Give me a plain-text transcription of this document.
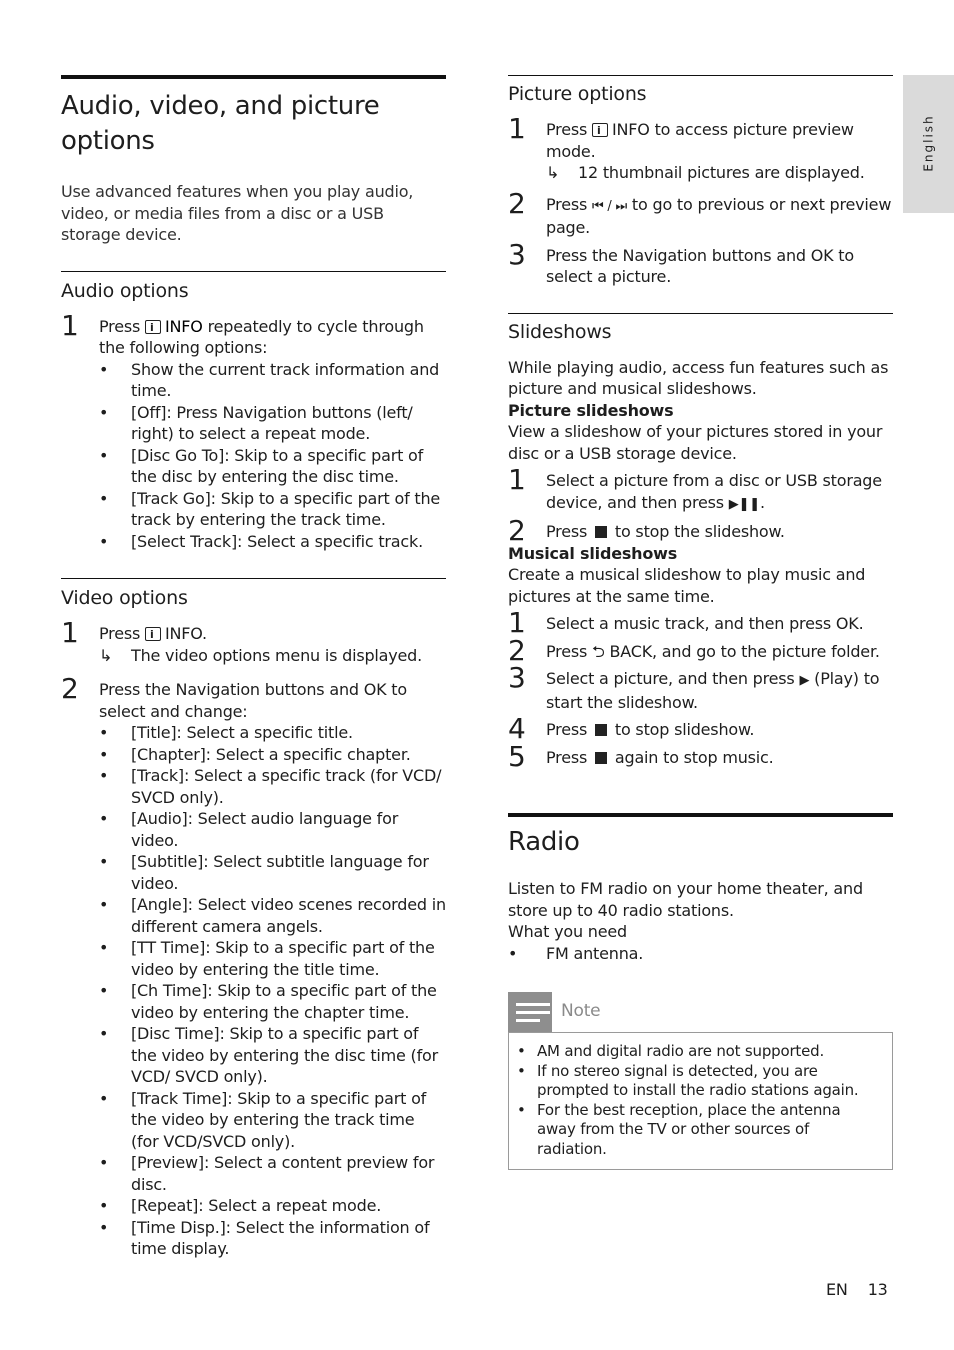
English
Audio, video, and picture options

Use advanced features when you play audio, video, or media files from a disc or a USB storage device.

Audio options
1 Press iINFO repeatedly to cycle through the following options:
• Show the current track information and time.
• [Off]: Press Navigation buttons (left/ right) to select a repeat mode.
• [Disc Go To]: Skip to a specific part of the disc by entering the disc time.
• [Track Go]: Skip to a specific part of the track by entering the track time.
• [Select Track]: Select a specific track.
Video options
1 Press iINFO.
↳ The video options menu is displayed.
2 Press the Navigation buttons and OK to select and change:
• [Title]: Select a specific title.
• [Chapter]: Select a specific chapter.
• [Track]: Select a specific track (for VCD/ SVCD only).
• [Audio]: Select audio language for video.
• [Subtitle]: Select subtitle language for video.
• [Angle]: Select video scenes recorded in different camera angels.
• [TT Time]: Skip to a specific part of the video by entering the title time.
• [Ch Time]: Skip to a specific part of the video by entering the chapter time.
• [Disc Time]: Skip to a specific part of the video by entering the disc time (for VCD/ SVCD only).
• [Track Time]: Skip to a specific part of the video by entering the track time (for VCD/SVCD only).
• [Preview]: Select a content preview for disc.
• [Repeat]: Select a repeat mode.
• [Time Disp.]: Select the information of time display.
Picture options
1 Press iINFO to access picture preview mode.
↳ 12 thumbnail pictures are displayed.
2 Press ⏮ / ⏭ to go to previous or next preview page.
3 Press the Navigation buttons and OK to select a picture.
Slideshows

While playing audio, access fun features such as picture and musical slideshows.

Picture slideshows

View a slideshow of your pictures stored in your disc or a USB storage device.

1 Select a picture from a disc or USB storage device, and then press ▶❚❚.
2 Press  to stop the slideshow.

Musical slideshows

Create a musical slideshow to play music and pictures at the same time.

1 Select a music track, and then press OK.
2 Press ⮌ BACK, and go to the picture folder.
3 Select a picture, and then press ▶ (Play) to start the slideshow.
4 Press  to stop slideshow.
5 Press  again to stop music.
Radio

Listen to FM radio on your home theater, and store up to 40 radio stations.

What you need

• FM antenna.
Note
• AM and digital radio are not supported.
• If no stereo signal is detected, you are prompted to install the radio stations again.
• For the best reception, place the antenna away from the TV or other sources of radiation.
EN 13
